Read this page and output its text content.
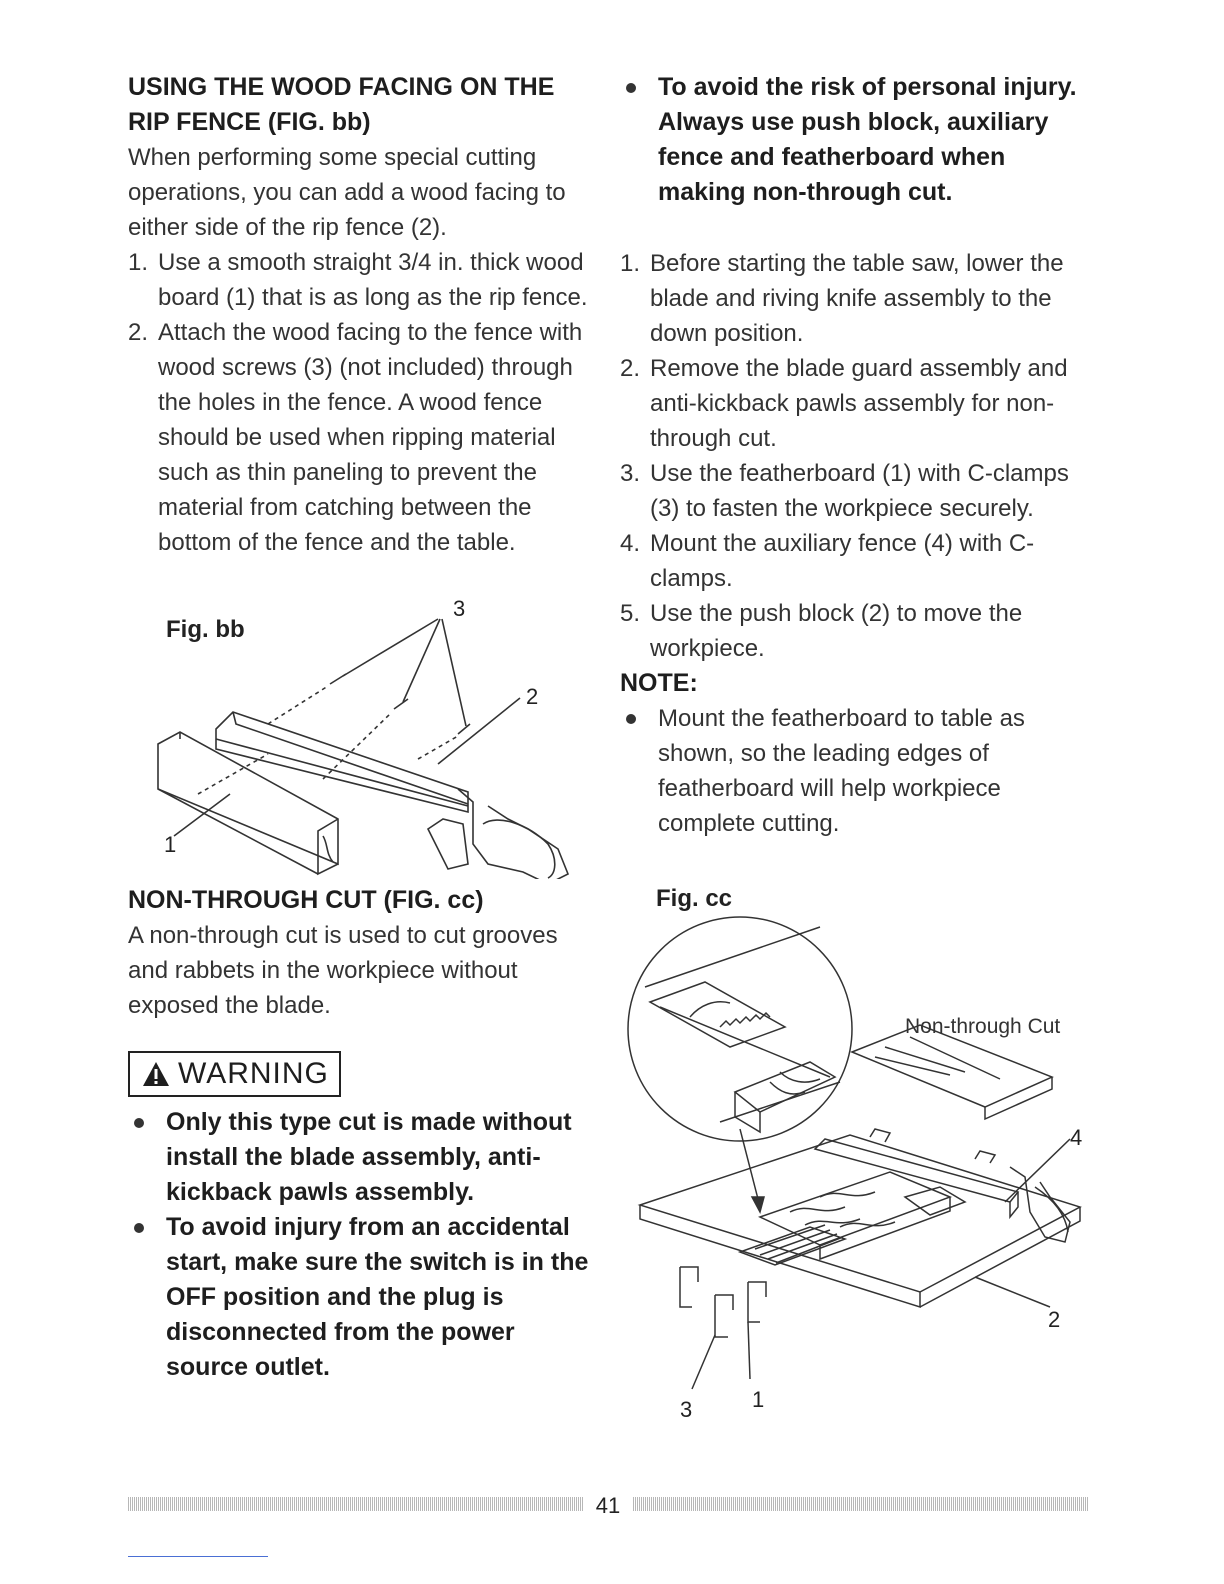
USING THE WOOD FACING ON THE RIP FENCE (FIG. bb)

When performing some special cutting operations, you can add a wood facing to either side of the rip fence (2).

1. Use a smooth straight 3/4 in. thick wood board (1) that is as long as the rip fence.
2. Attach the wood facing to the fence with wood screws (3) (not included) through the holes in the fence. A wood fence should be used when ripping material such as thin paneling to prevent the material from catching between the bottom of the fence and the table.
Fig. bb
3
2
1

NON-THROUGH CUT (FIG. cc)

A non-through cut is used to cut grooves and rabbets in the workpiece without exposed the blade.

WARNING
Only this type cut is made without install the blade assembly, anti-kickback pawls assembly.
To avoid injury from an accidental start, make sure the switch is in the OFF position and the plug is disconnected from the power source outlet.
To avoid the risk of personal injury. Always use push block, auxiliary fence and featherboard when making non-through cut.
1. Before starting the table saw, lower the blade and riving knife assembly to the down position.
2. Remove the blade guard assembly and anti-kickback pawls assembly for non-through cut.
3. Use the featherboard (1) with C-clamps (3) to fasten the workpiece securely.
4. Mount the auxiliary fence (4) with C-clamps.
5. Use the push block (2) to move the workpiece.

NOTE:

Mount the featherboard to table as shown, so the leading edges of featherboard will help workpiece complete cutting.
Fig. cc
Non-through Cut
4
2
3	1
41
